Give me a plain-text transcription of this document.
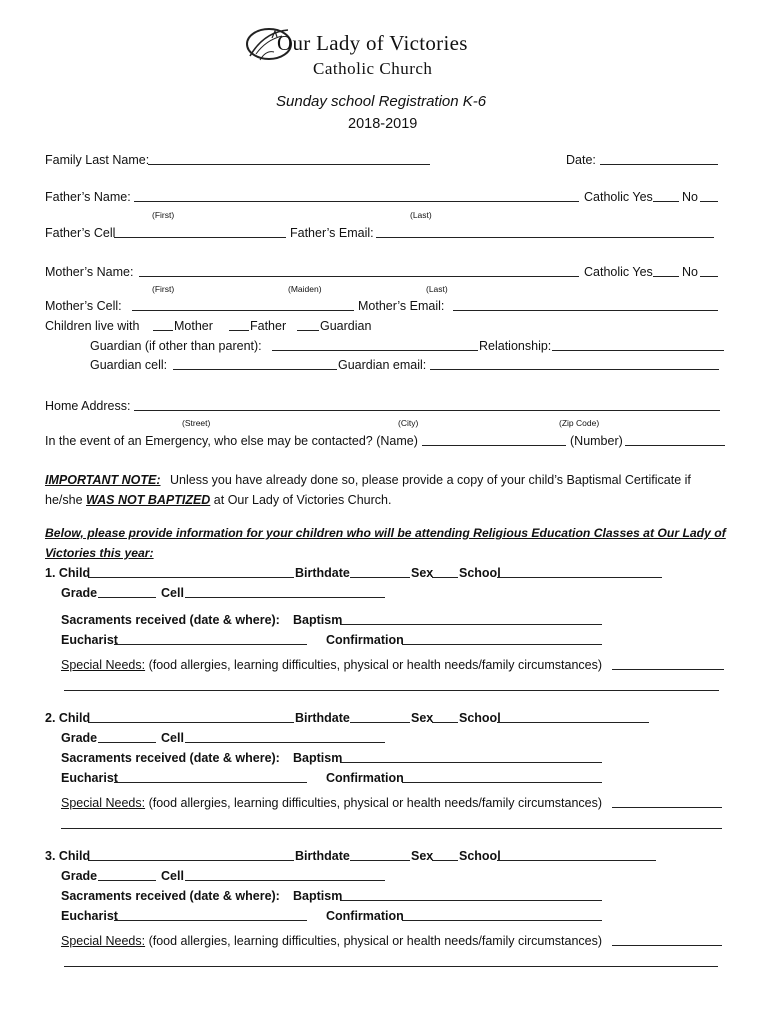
Our Lady of Victories
Catholic Church
Sunday school Registration K-6
2018-2019
Family Last Name:	Date:
Father’s Name:	Catholic Yes No
(First)	(Last)
Father’s Cell	Father’s Email:
Mother’s Name:	Catholic Yes No
(First)	(Maiden)	(Last)
Mother’s Cell:	Mother’s Email:
Children live with	Mother	Father	Guardian
Guardian (if other than parent):	Relationship:
Guardian cell:	Guardian email:
Home Address:
(Street)	(City)	(Zip Code)
In the event of an Emergency, who else may be contacted? (Name)	(Number)
IMPORTANT NOTE: Unless you have already done so, please provide a copy of your child’s Baptismal Certificate if
he/she WAS NOT BAPTIZED at Our Lady of Victories Church.
Below, please provide information for your children who will be attending Religious Education Classes at Our Lady of
Victories this year:
1. Child	Birthdate	Sex School
Grade	Cell
Sacraments received (date & where): Baptism
Eucharist	Confirmation
Special Needs: (food allergies, learning difficulties, physical or health needs/family circumstances)
2. Child	Birthdate	Sex School
Grade	Cell
Sacraments received (date & where): Baptism
Eucharist	Confirmation
Special Needs: (food allergies, learning difficulties, physical or health needs/family circumstances)
3. Child	Birthdate	Sex School
Grade	Cell
Sacraments received (date & where): Baptism
Eucharist	Confirmation
Special Needs: (food allergies, learning difficulties, physical or health needs/family circumstances)
